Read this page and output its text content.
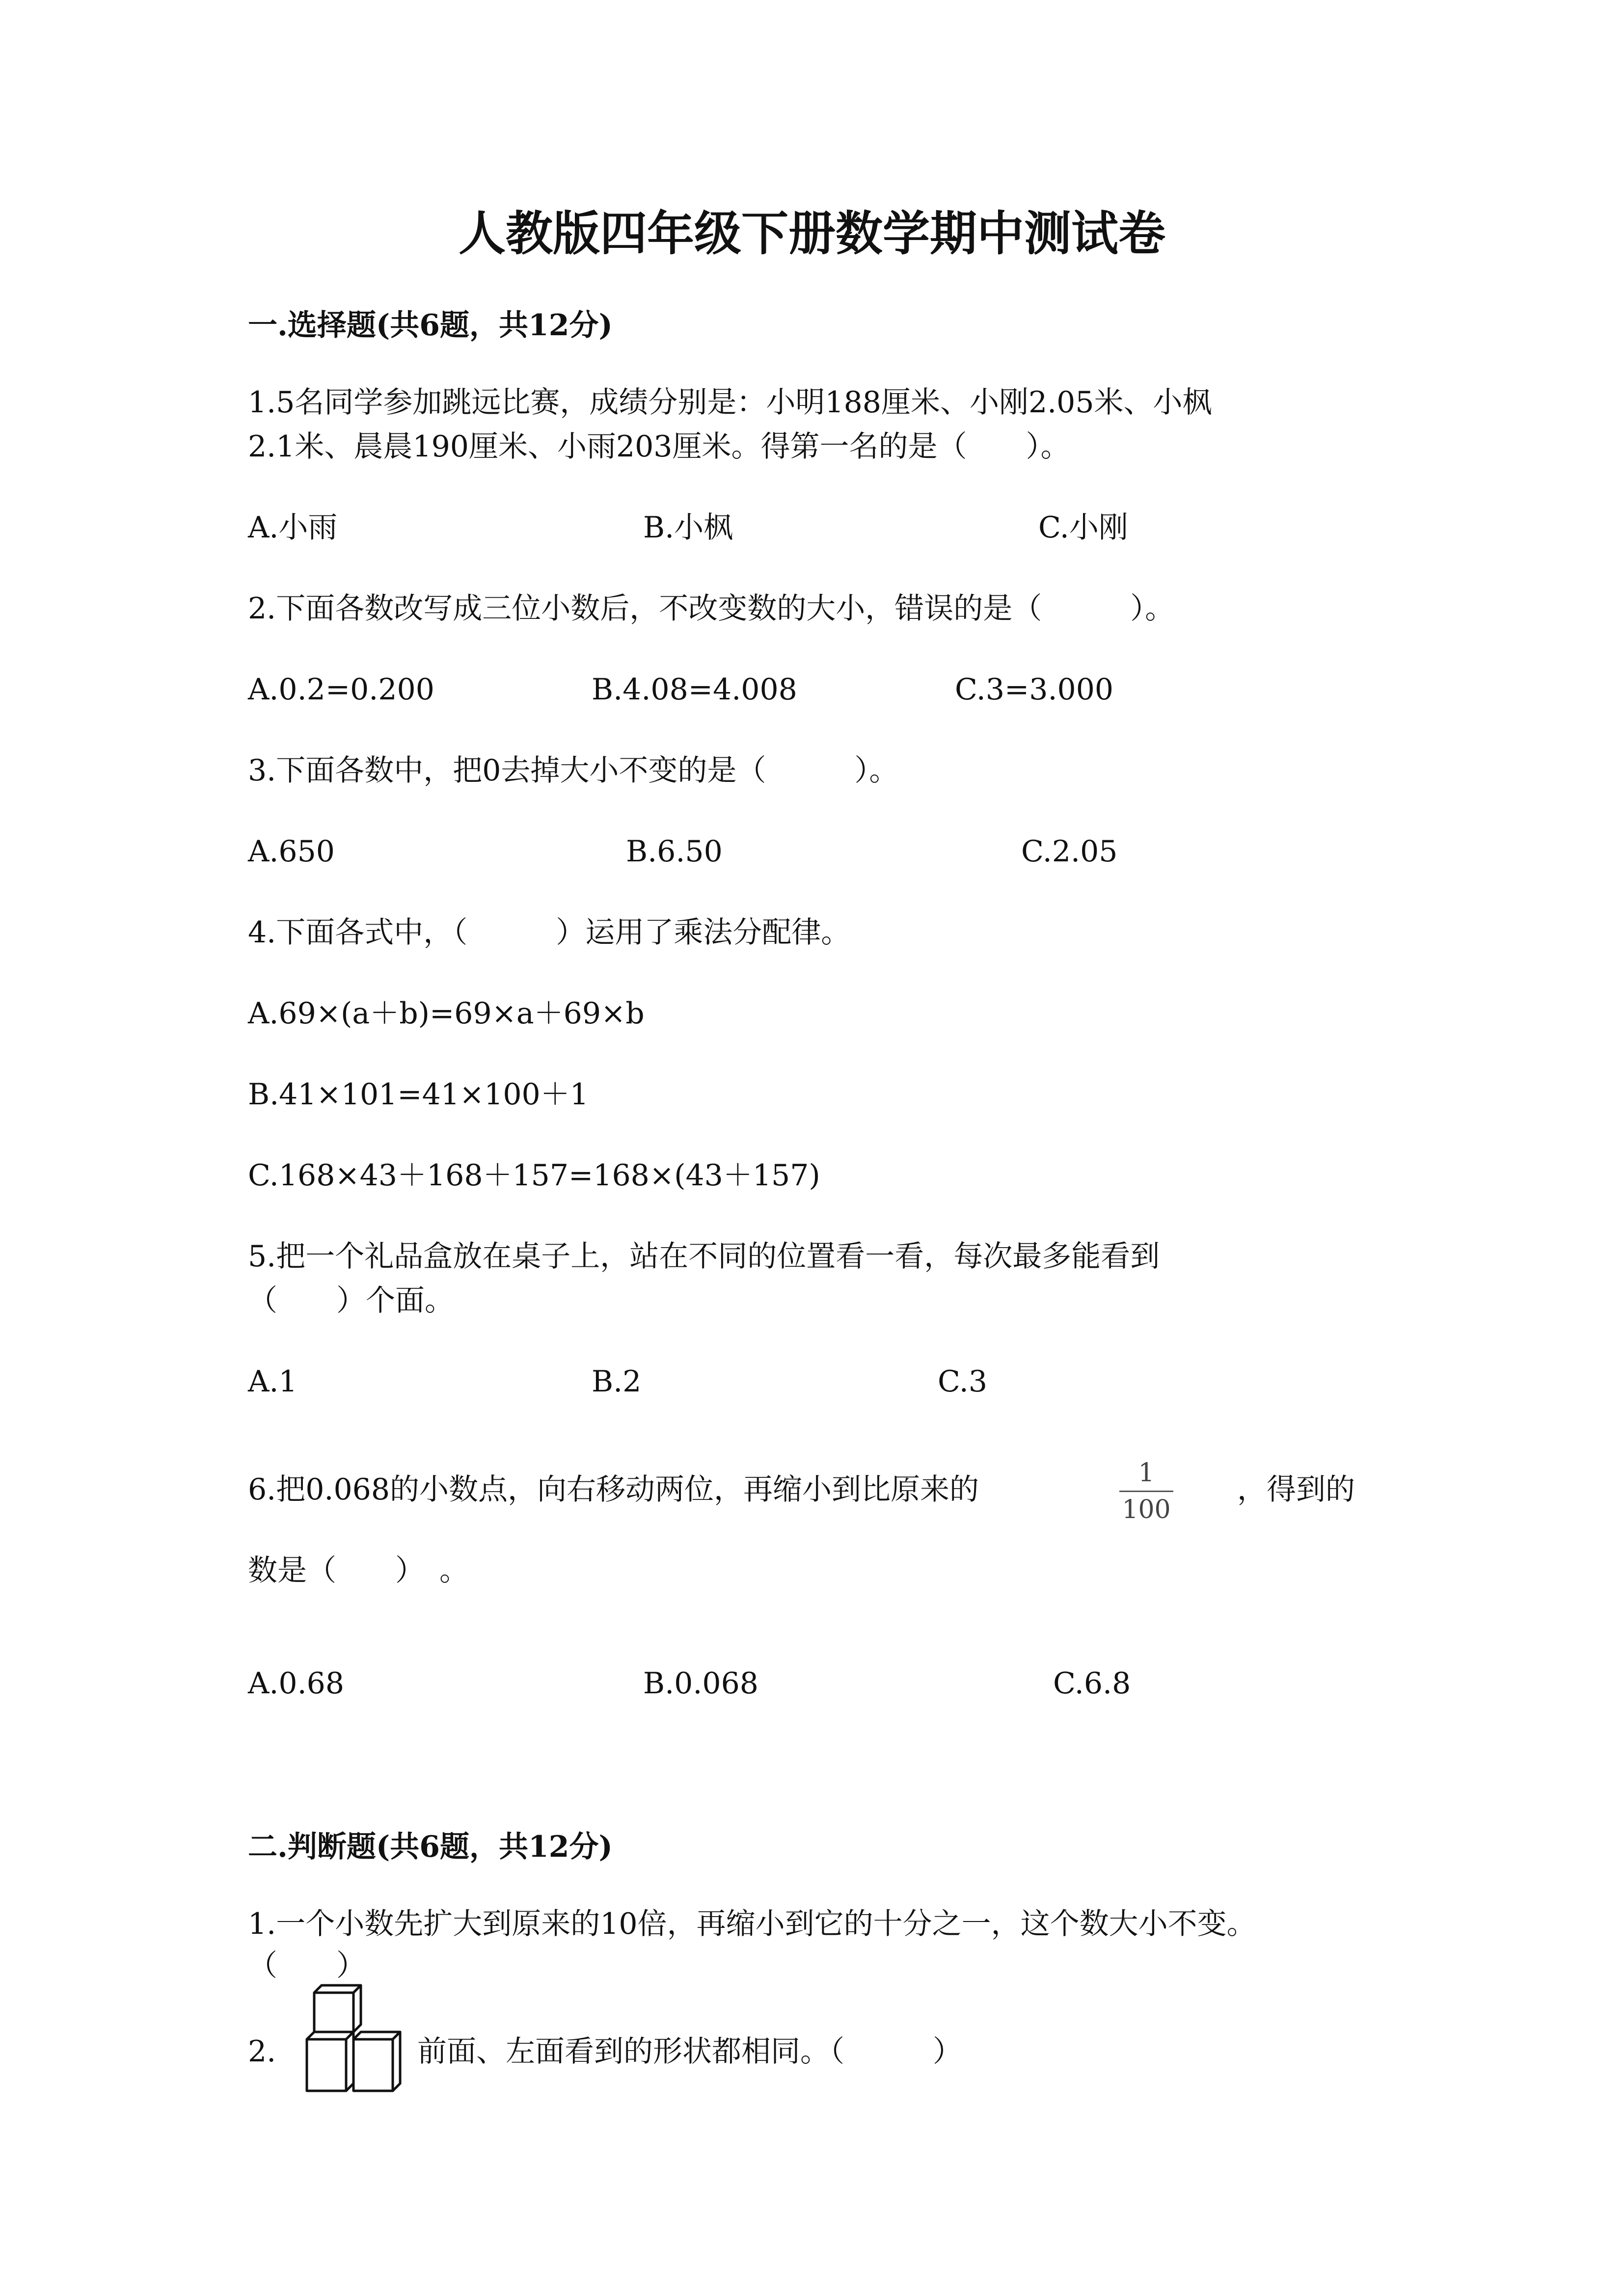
人教版四年级下册数学期中测试卷
一.选择题(共6题，共12分)
1.5名同学参加跳远比赛，成绩分别是：小明188厘米、小刚2.05米、小枫
2.1米、晨晨190厘米、小雨203厘米。得第一名的是（　　）。
A.小雨	B.小枫	C.小刚
2.下面各数改写成三位小数后，不改变数的大小，错误的是（　　　）。
A.0.2=0.200	B.4.08=4.008	C.3=3.000
3.下面各数中，把0去掉大小不变的是（　　　）。
A.650	B.6.50	C.2.05
4.下面各式中，（　　　）运用了乘法分配律。
A.69×(a＋b)=69×a＋69×b
B.41×101=41×100＋1
C.168×43＋168＋157=168×(43＋157)
5.把一个礼品盒放在桌子上，站在不同的位置看一看，每次最多能看到
（　　）个面。
A.1	B.2	C.3
6.把0.068的小数点，向右移动两位，再缩小到比原来的	1
100
，得到的
数是（　　）　。
A.0.68	B.0.068	C.6.8
二.判断题(共6题，共12分)
1.一个小数先扩大到原来的10倍，再缩小到它的十分之一，这个数大小不变。
（　　）
2.	前面、左面看到的形状都相同。（　　　）
